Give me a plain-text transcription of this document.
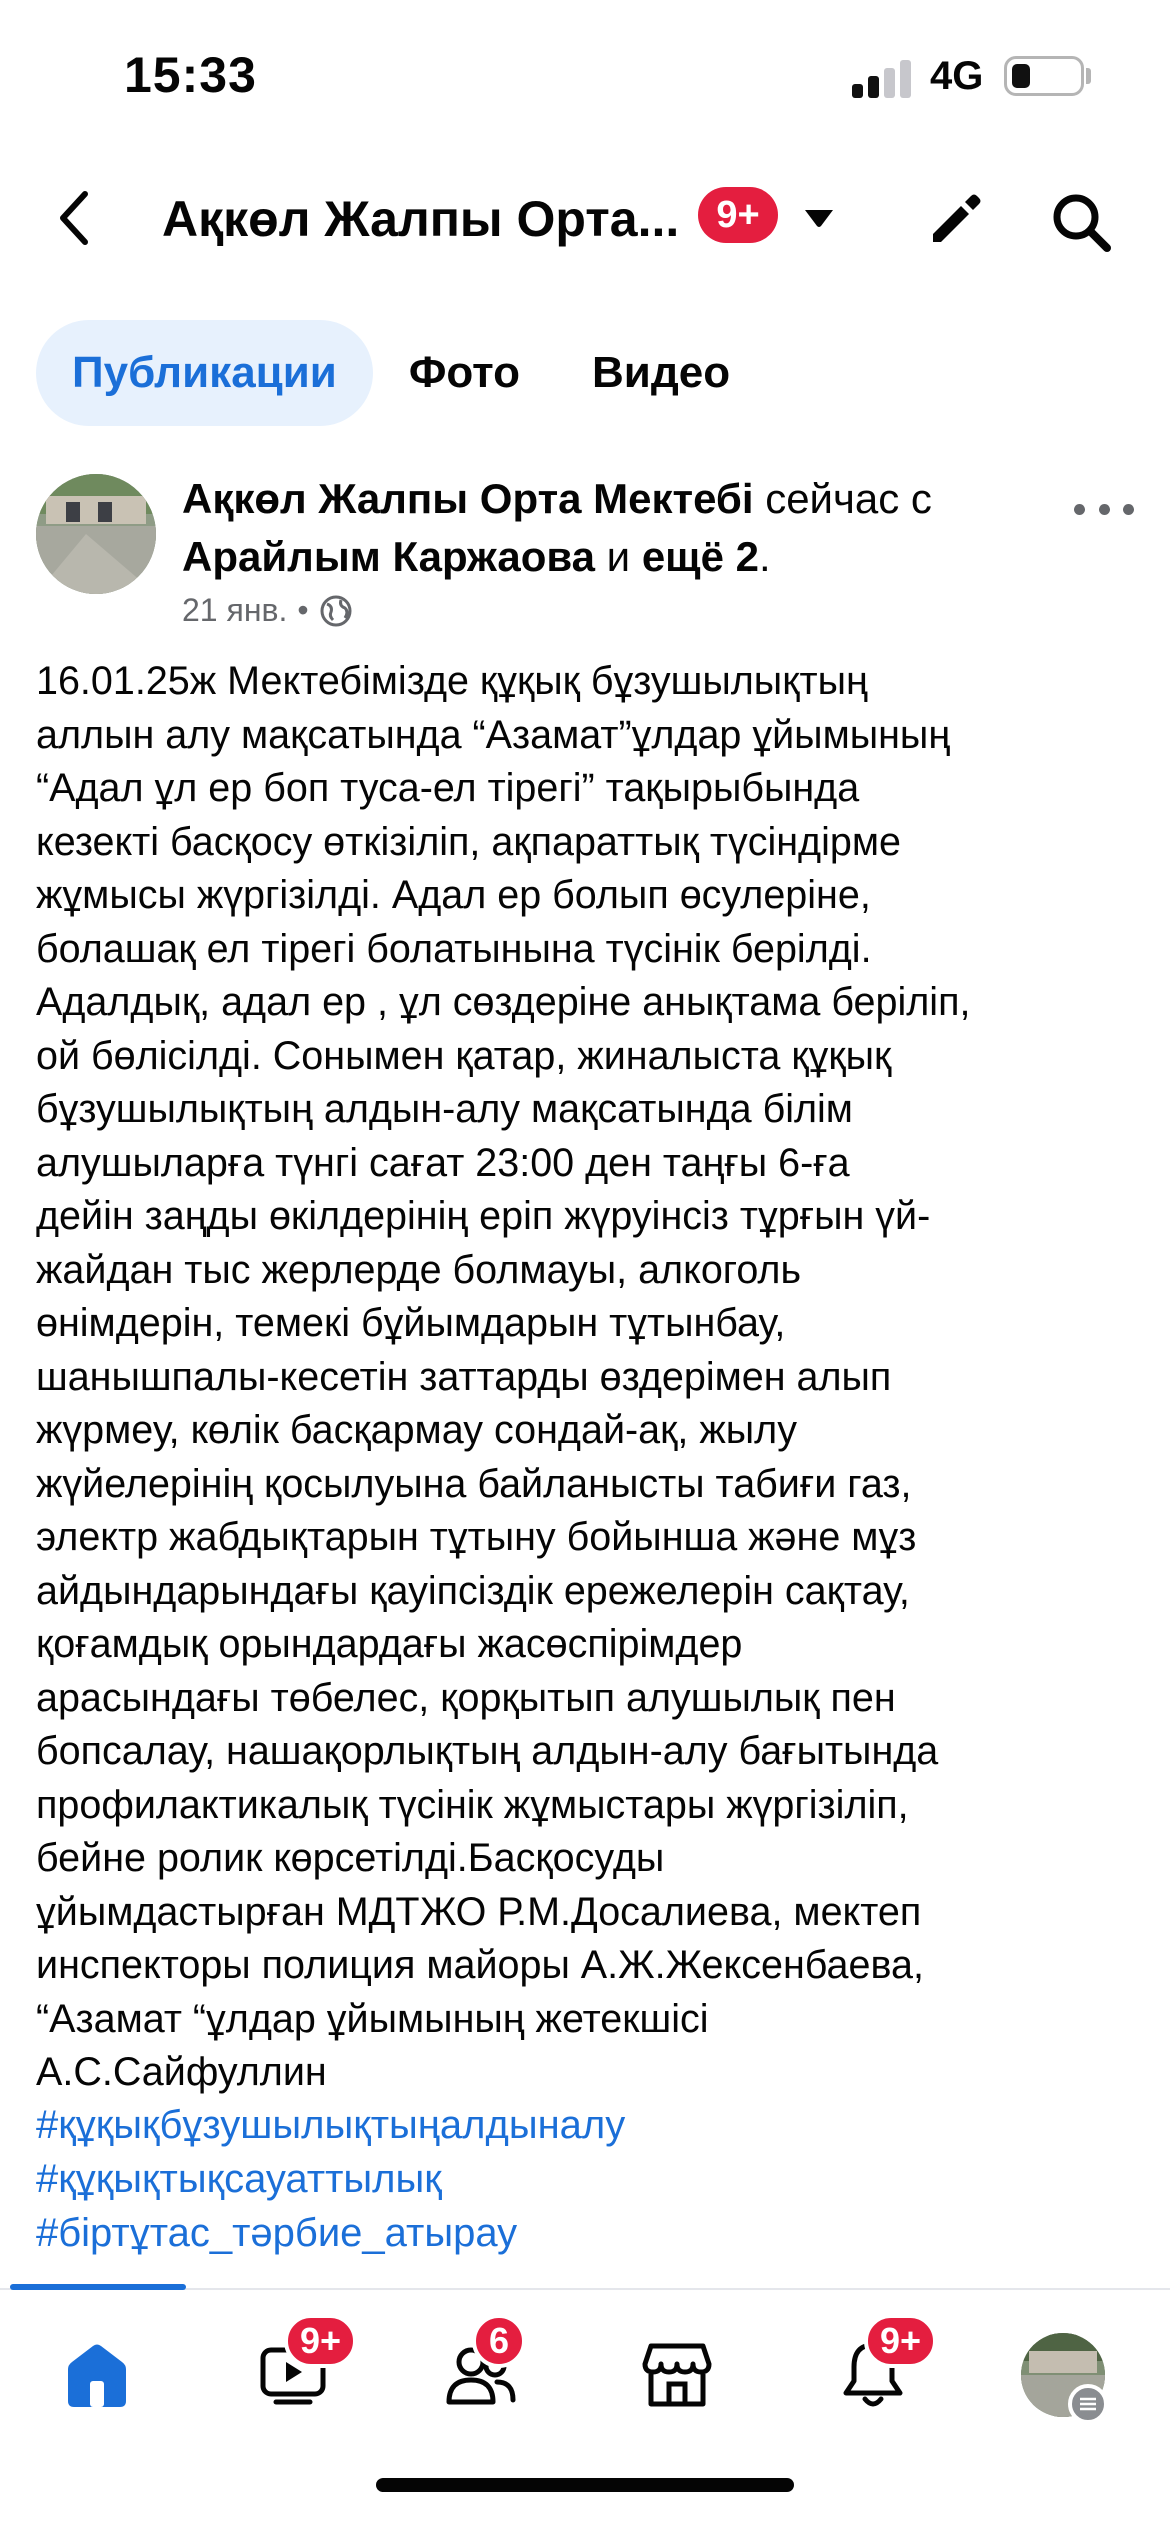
15:33	4G
Ақкөл Жалпы Орта... 9+
Публикации	Фото	Видео
Ақкөл Жалпы Орта Мектебі сейчас с Арайлым Каржаова и ещё 2.
21 янв. •
16.01.25ж Мектебімізде құқық бұзушылықтың
аллын алу мақсатында “Азамат”ұлдар ұйымының
“Адал ұл ер боп туса-ел тірегі” тақырыбында
кезекті басқосу өткізіліп, ақпараттық түсіндірме
жұмысы жүргізілді. Адал ер болып өсулеріне,
болашақ ел тірегі болатынына түсінік берілді.
Адалдық, адал ер , ұл сөздеріне анықтама беріліп,
ой бөлісілді. Сонымен қатар, жиналыста құқық
бұзушылықтың алдын-алу мақсатында білім
алушыларға түнгі сағат 23:00 ден таңғы 6-ға
дейін заңды өкілдерінің еріп жүруінсіз тұрғын үй-
жайдан тыс жерлерде болмауы, алкоголь
өнімдерін, темекі бұйымдарын тұтынбау,
шанышпалы-кесетін заттарды өздерімен алып
жүрмеу, көлік басқармау сондай-ақ, жылу
жүйелерінің қосылуына байланысты табиғи газ,
электр жабдықтарын тұтыну бойынша және мұз
айдындарындағы қауіпсіздік ережелерін сақтау,
қоғамдық орындардағы жасөспірімдер
арасындағы төбелес, қорқытып алушылық пен
бопсалау, нашақорлықтың алдын-алу бағытында
профилактикалық түсінік жұмыстары жүргізіліп,
бейне ролик көрсетілді.Басқосуды
ұйымдастырған МДТЖО Р.М.Досалиева, мектеп
инспекторы полиция майоры А.Ж.Жексенбаева,
“Азамат “ұлдар ұйымының жетекшісі
А.С.Сайфуллин
#құқықбұзушылықтыңалдыналу
#құқықтықсауаттылық
#біртұтас_тәрбие_атырау
9+	6	9+
